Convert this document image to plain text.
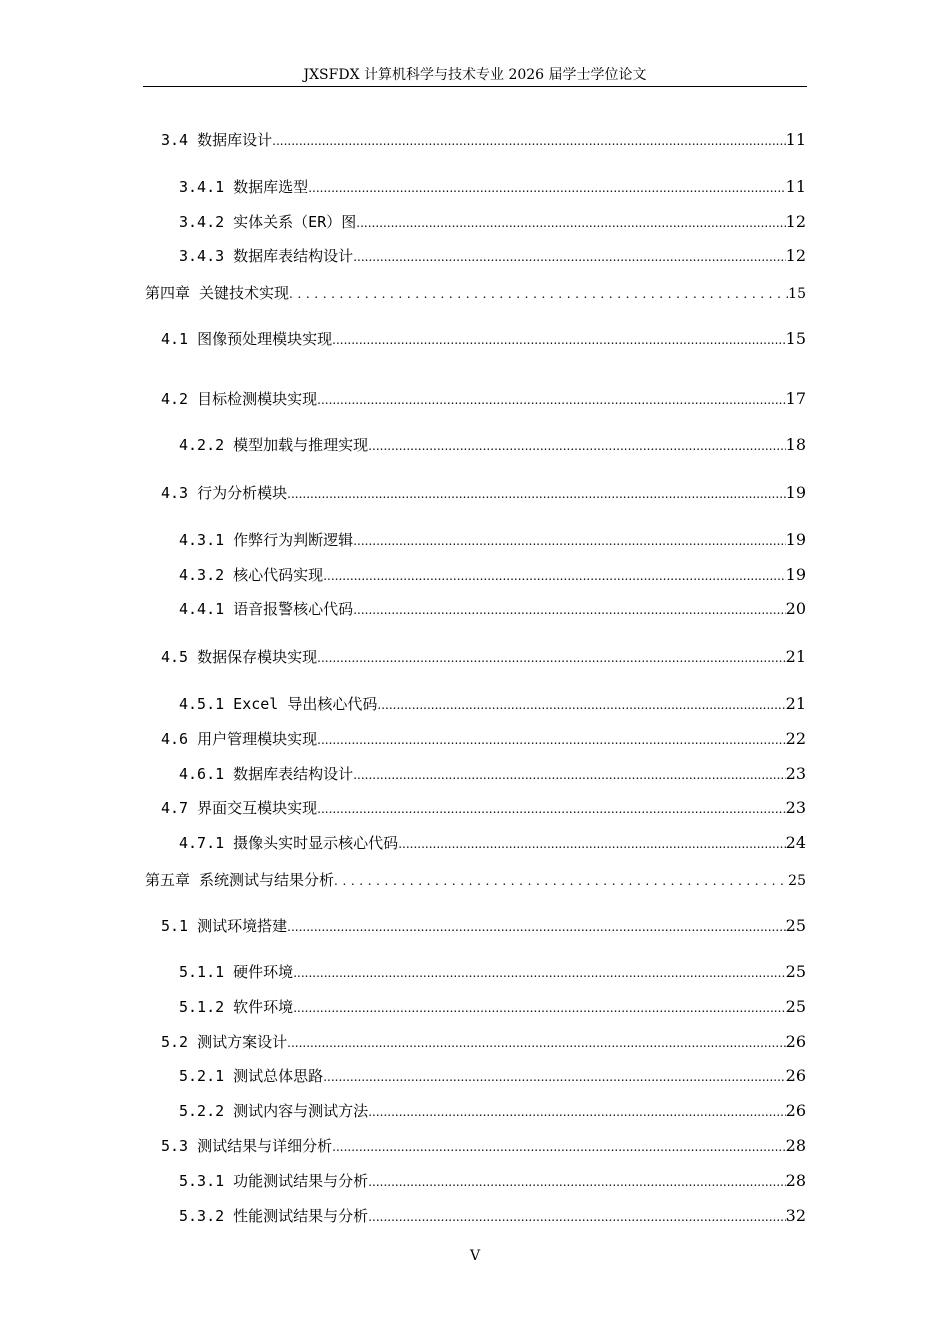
JXSFDX 计算机科学与技术专业 2026 届学士学位论文
3.4 数据库设计 .....	11
3.4.1 数据库选型 .....	11
3.4.2 实体关系（ER）图 .....	12
3.4.3 数据库表结构设计 .....	12
第四章 关键技术实现 .....	15
4.1 图像预处理模块实现 .....	15
4.2 目标检测模块实现 .....	17
4.2.2 模型加载与推理实现 .....	18
4.3 行为分析模块 .....	19
4.3.1 作弊行为判断逻辑 .....	19
4.3.2 核心代码实现 .....	19
4.4.1 语音报警核心代码 .....	20
4.5 数据保存模块实现 .....	21
4.5.1 Excel 导出核心代码 .....	21
4.6 用户管理模块实现 .....	22
4.6.1 数据库表结构设计 .....	23
4.7 界面交互模块实现 .....	23
4.7.1 摄像头实时显示核心代码 .....	24
第五章 系统测试与结果分析 .....	25
5.1 测试环境搭建 .....	25
5.1.1 硬件环境 .....	25
5.1.2 软件环境 .....	25
5.2 测试方案设计 .....	26
5.2.1 测试总体思路 .....	26
5.2.2 测试内容与测试方法 .....	26
5.3 测试结果与详细分析 .....	28
5.3.1 功能测试结果与分析 .....	28
5.3.2 性能测试结果与分析 .....	32
V
